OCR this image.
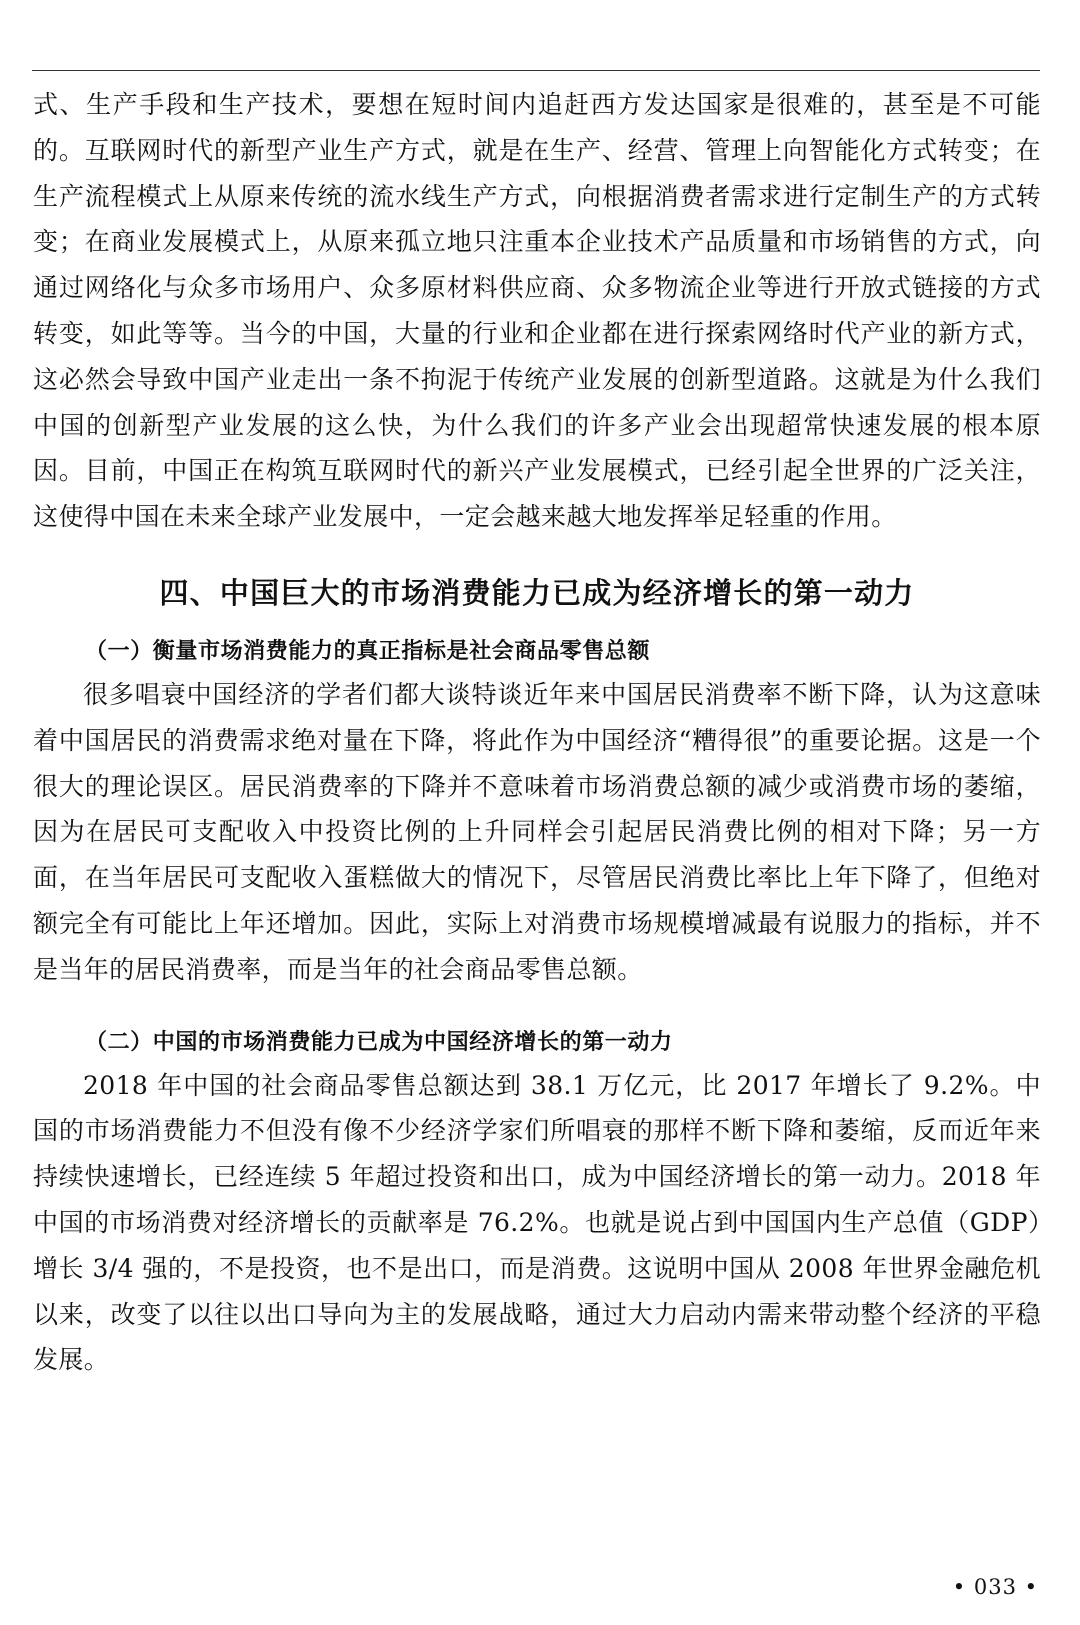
式、生产手段和生产技术，要想在短时间内追赶西方发达国家是很难的，甚至是不可能的。互联网时代的新型产业生产方式，就是在生产、经营、管理上向智能化方式转变；在生产流程模式上从原来传统的流水线生产方式，向根据消费者需求进行定制生产的方式转变；在商业发展模式上，从原来孤立地只注重本企业技术产品质量和市场销售的方式，向通过网络化与众多市场用户、众多原材料供应商、众多物流企业等进行开放式链接的方式转变，如此等等。当今的中国，大量的行业和企业都在进行探索网络时代产业的新方式，这必然会导致中国产业走出一条不拘泥于传统产业发展的创新型道路。这就是为什么我们中国的创新型产业发展的这么快，为什么我们的许多产业会出现超常快速发展的根本原因。目前，中国正在构筑互联网时代的新兴产业发展模式，已经引起全世界的广泛关注，这使得中国在未来全球产业发展中，一定会越来越大地发挥举足轻重的作用。

四、中国巨大的市场消费能力已成为经济增长的第一动力
（一）衡量市场消费能力的真正指标是社会商品零售总额

很多唱衰中国经济的学者们都大谈特谈近年来中国居民消费率不断下降，认为这意味着中国居民的消费需求绝对量在下降，将此作为中国经济“糟得很”的重要论据。这是一个很大的理论误区。居民消费率的下降并不意味着市场消费总额的减少或消费市场的萎缩，因为在居民可支配收入中投资比例的上升同样会引起居民消费比例的相对下降；另一方面，在当年居民可支配收入蛋糕做大的情况下，尽管居民消费比率比上年下降了，但绝对额完全有可能比上年还增加。因此，实际上对消费市场规模增减最有说服力的指标，并不是当年的居民消费率，而是当年的社会商品零售总额。

（二）中国的市场消费能力已成为中国经济增长的第一动力

2018 年中国的社会商品零售总额达到 38.1 万亿元，比 2017 年增长了 9.2%。中国的市场消费能力不但没有像不少经济学家们所唱衰的那样不断下降和萎缩，反而近年来持续快速增长，已经连续 5 年超过投资和出口，成为中国经济增长的第一动力。2018 年中国的市场消费对经济增长的贡献率是 76.2%。也就是说占到中国国内生产总值（GDP）增长 3/4 强的，不是投资，也不是出口，而是消费。这说明中国从 2008 年世界金融危机以来，改变了以往以出口导向为主的发展战略，通过大力启动内需来带动整个经济的平稳发展。

• 033 •
